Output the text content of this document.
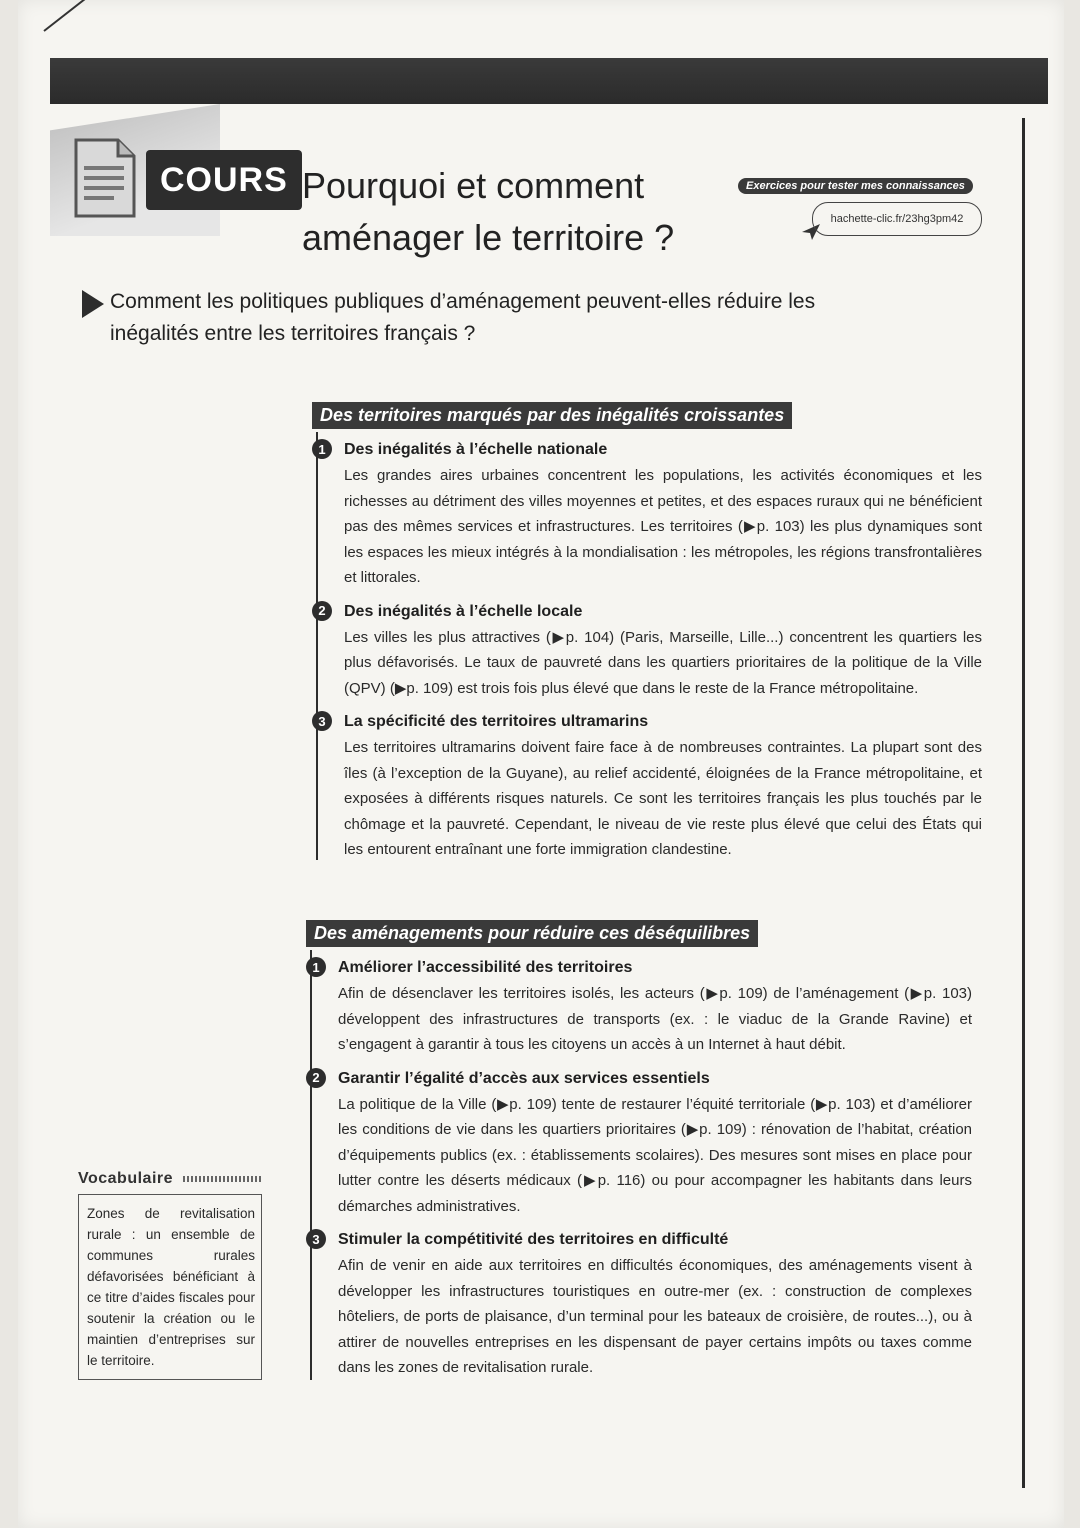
COURS Pourquoi et comment
aménager le territoire ?
Exercices pour tester mes connaissances
hachette-clic.fr/23hg3pm42

Comment les politiques publiques d’aménagement peuvent-elles réduire les inégalités entre les territoires français ?

Des territoires marqués par des inégalités croissantes
1	Des inégalités à l’échelle nationale

Les grandes aires urbaines concentrent les populations, les activités économiques et les richesses au détriment des villes moyennes et petites, et des espaces ruraux qui ne bénéficient pas des mêmes services et infrastructures. Les territoires (▶p. 103) les plus dynamiques sont les espaces les mieux intégrés à la mondialisation : les métropoles, les régions transfrontalières et littorales.

2	Des inégalités à l’échelle locale

Les villes les plus attractives (▶p. 104) (Paris, Marseille, Lille...) concentrent les quartiers les plus défavorisés. Le taux de pauvreté dans les quartiers prioritaires de la politique de la Ville (QPV) (▶p. 109) est trois fois plus élevé que dans le reste de la France métropolitaine.

3	La spécificité des territoires ultramarins

Les territoires ultramarins doivent faire face à de nombreuses contraintes. La plupart sont des îles (à l’exception de la Guyane), au relief accidenté, éloignées de la France métropolitaine, et exposées à différents risques naturels. Ce sont les territoires français les plus touchés par le chômage et la pauvreté. Cependant, le niveau de vie reste plus élevé que celui des États qui les entourent entraînant une forte immigration clandestine.

Des aménagements pour réduire ces déséquilibres
1	Améliorer l’accessibilité des territoires

Afin de désenclaver les territoires isolés, les acteurs (▶p. 109) de l’aménagement (▶p. 103) développent des infrastructures de transports (ex. : le viaduc de la Grande Ravine) et s’engagent à garantir à tous les citoyens un accès à un Internet à haut débit.

2	Garantir l’égalité d’accès aux services essentiels

La politique de la Ville (▶p. 109) tente de restaurer l’équité territoriale (▶p. 103) et d’améliorer les conditions de vie dans les quartiers prioritaires (▶p. 109) : rénovation de l’habitat, création d’équipements publics (ex. : établissements scolaires). Des mesures sont mises en place pour lutter contre les déserts médicaux (▶p. 116) ou pour accompagner les habitants dans leurs démarches administratives.

3	Stimuler la compétitivité des territoires en difficulté

Afin de venir en aide aux territoires en difficultés économiques, des aménagements visent à développer les infrastructures touristiques en outre-mer (ex. : construction de complexes hôteliers, de ports de plaisance, d’un terminal pour les bateaux de croisière, de routes...), ou à attirer de nouvelles entreprises en les dispensant de payer certains impôts ou taxes comme dans les zones de revitalisation rurale.

Vocabulaire
Zones de revitalisation rurale : un ensemble de communes rurales défavorisées bénéficiant à ce titre d’aides fiscales pour soutenir la création ou le maintien d’entreprises sur le territoire.
